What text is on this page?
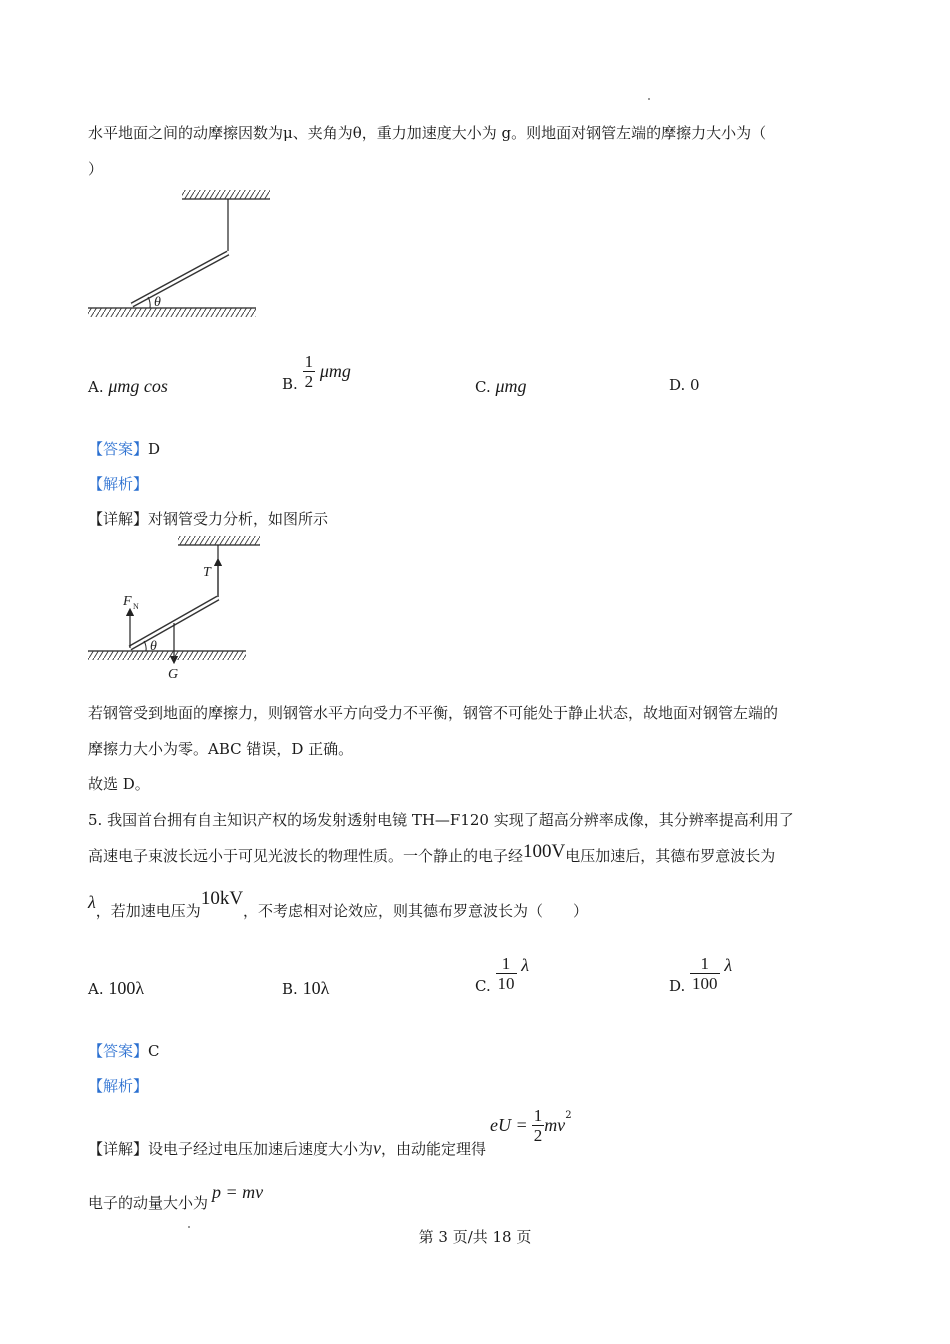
水平地面之间的动摩擦因数为μ、夹角为θ，重力加速度大小为 g。则地面对钢管左端的摩擦力大小为（
）
θ
A. μmg cos	B. $\frac{1}{2}$ μmg
C. μmg	D. 0
【答案】D
【解析】
【详解】对钢管受力分析，如图所示
θ
T
F N
G
若钢管受到地面的摩擦力，则钢管水平方向受力不平衡，钢管不可能处于静止状态，故地面对钢管左端的
摩擦力大小为零。ABC 错误，D 正确。
故选 D。
5. 我国首台拥有自主知识产权的场发射透射电镜 TH—F120 实现了超高分辨率成像，其分辨率提高利用了
高速电子束波长远小于可见光波长的物理性质。一个静止的电子经100V电压加速后，其德布罗意波长为
λ，若加速电压为10kV，不考虑相对论效应，则其德布罗意波长为（　　）
A. 100λ	B. 10λ	C. $\frac{1}{10}$ λ
D. $\frac{1}{100}$ λ
【答案】C
【解析】
【详解】设电子经过电压加速后速度大小为v，由动能定理得eU = $\frac{1}{2} mv^2$
电子的动量大小为p = mv
第 3 页/共 18 页
